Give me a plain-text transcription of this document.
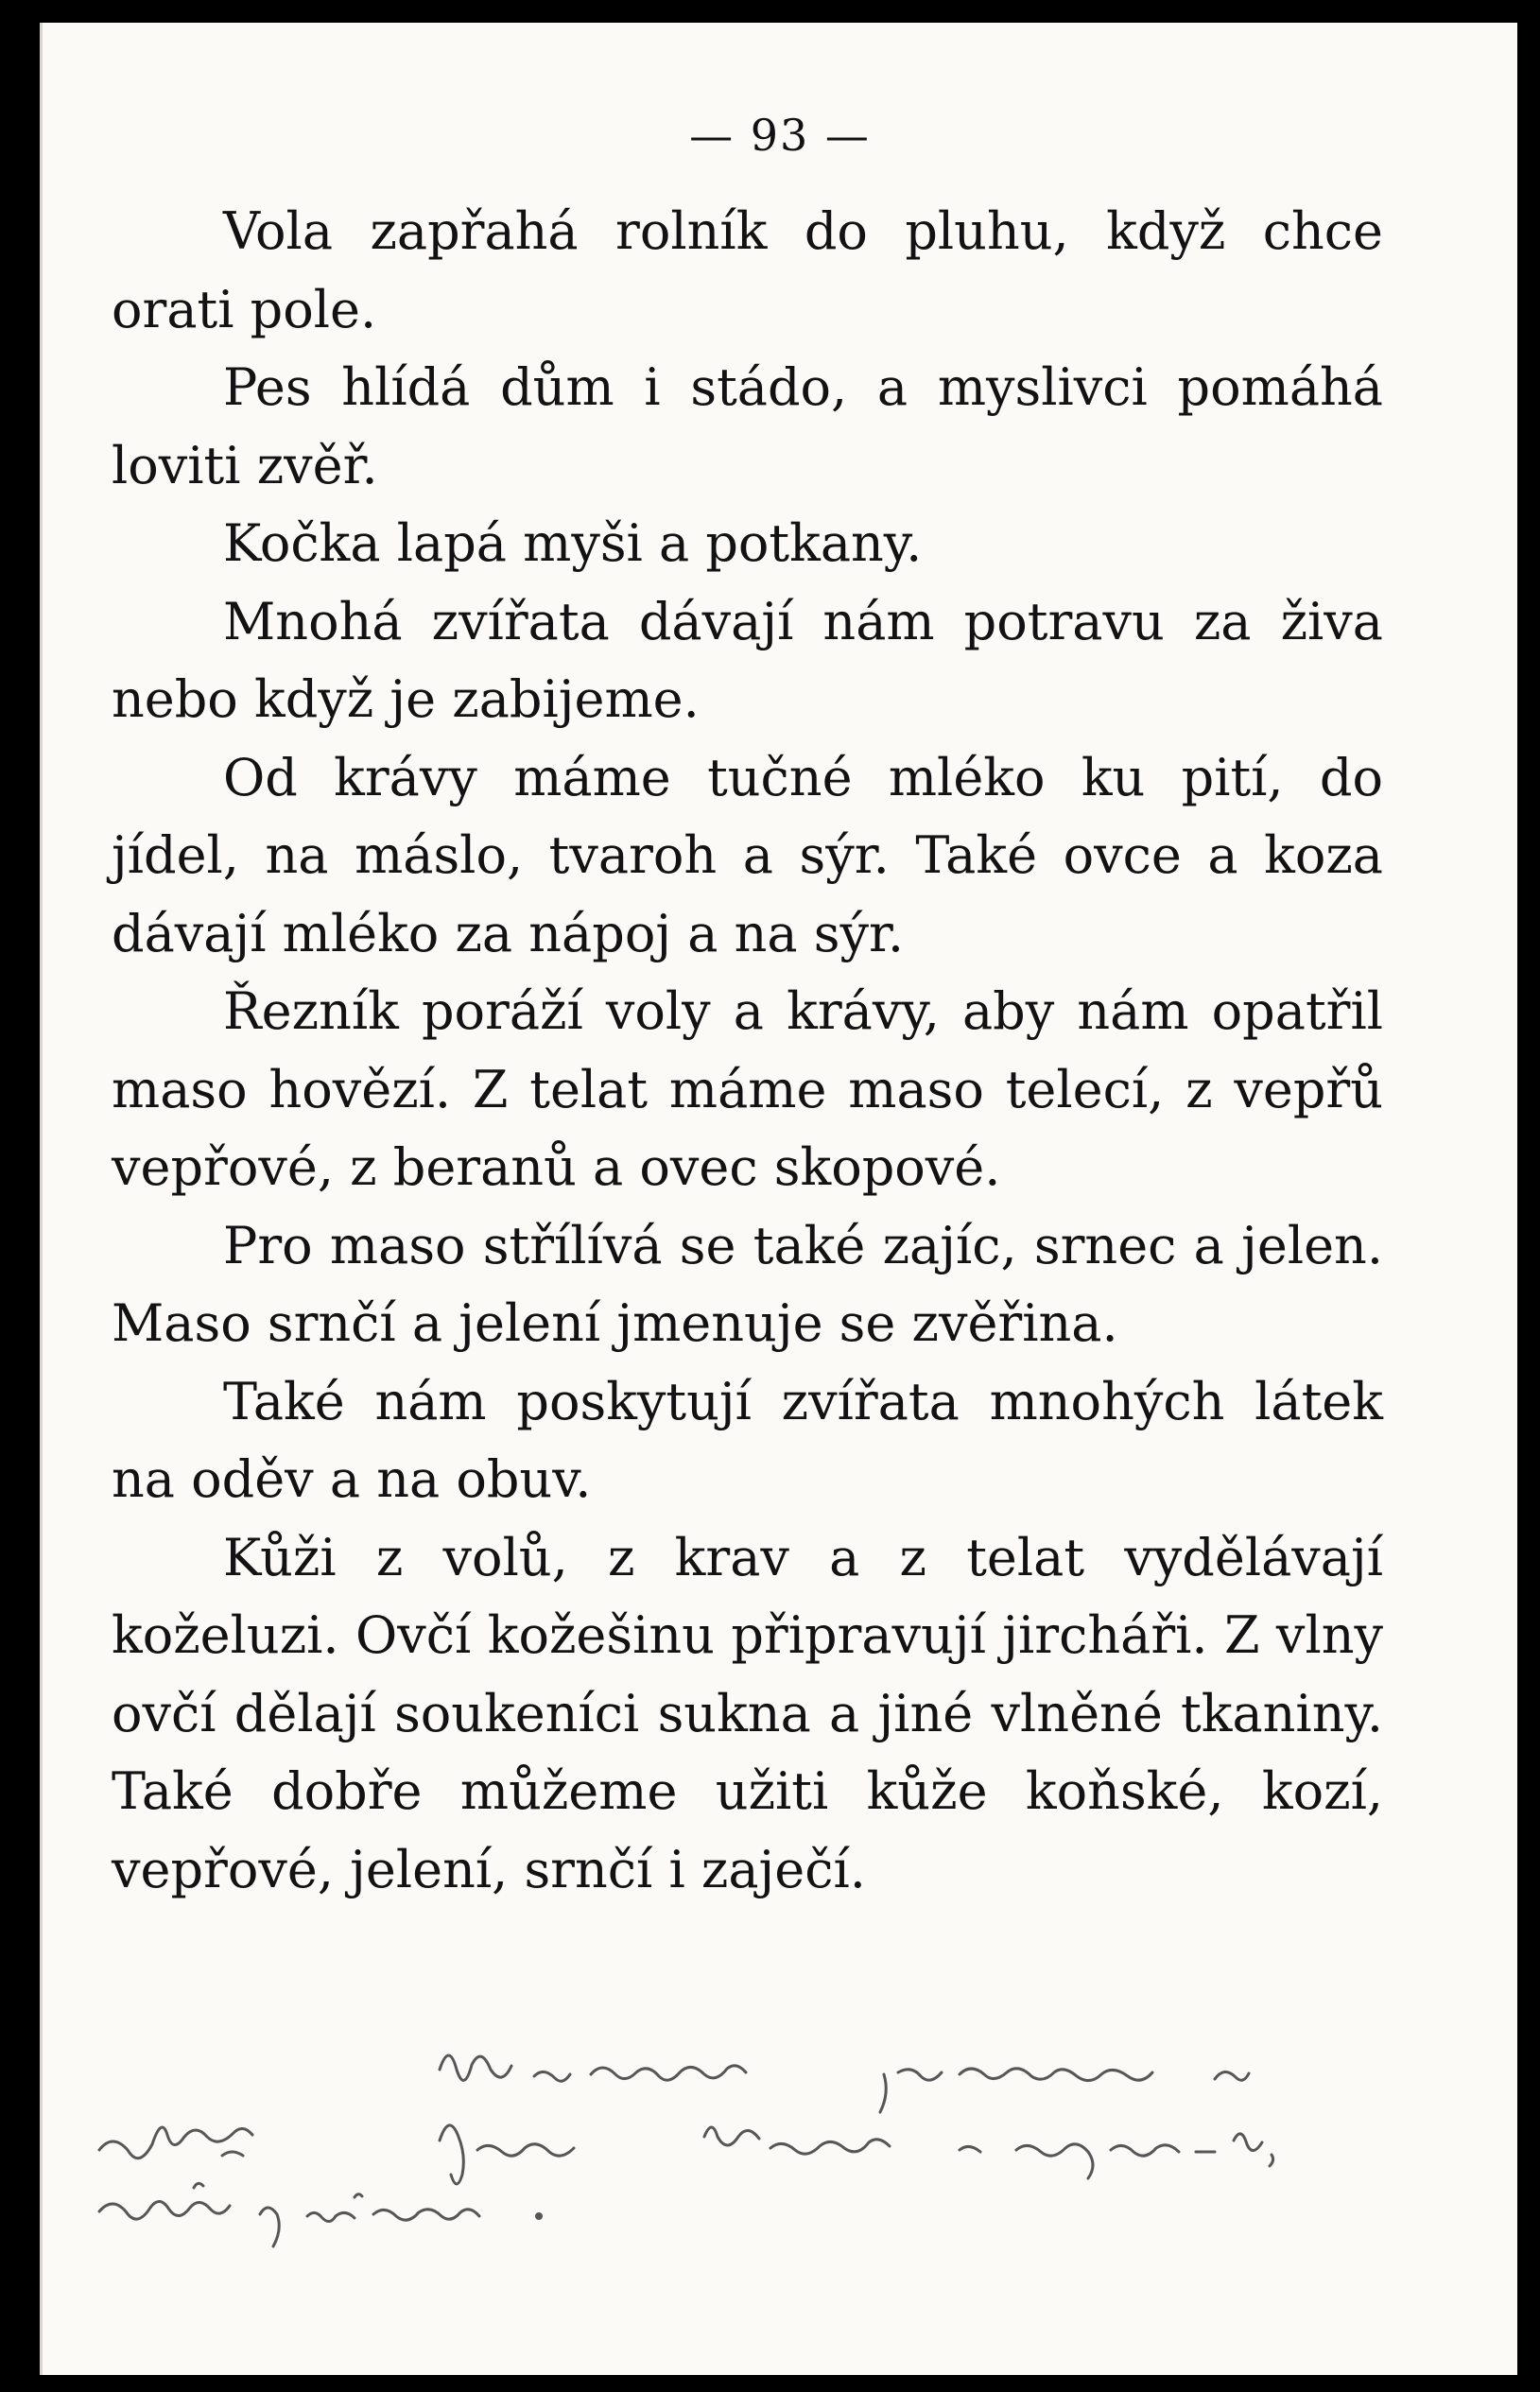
— 93 —

Vola zapřahá rolník do pluhu, když chce orati pole.

Pes hlídá dům i stádo, a myslivci pomáhá loviti zvěř.

Kočka lapá myši a potkany.

Mnohá zvířata dávají nám potravu za živa nebo když je zabijeme.

Od krávy máme tučné mléko ku pití, do jídel, na máslo, tvaroh a sýr. Také ovce a koza dávají mléko za nápoj a na sýr.

Řezník poráží voly a krávy, aby nám opatřil maso hovězí. Z telat máme maso telecí, z vepřů vepřové, z beranů a ovec skopové.

Pro maso střílívá se také zajíc, srnec a jelen. Maso srnčí a jelení jmenuje se zvěřina.

Také nám poskytují zvířata mnohých látek na oděv a na obuv.

Kůži z volů, z krav a z telat vydělávají koželuzi. Ovčí kožešinu připravují jircháři. Z vlny ovčí dělají soukeníci sukna a jiné vlněné tkaniny. Také dobře můžeme užiti kůže koňské, kozí, vepřové, jelení, srnčí i zaječí.
